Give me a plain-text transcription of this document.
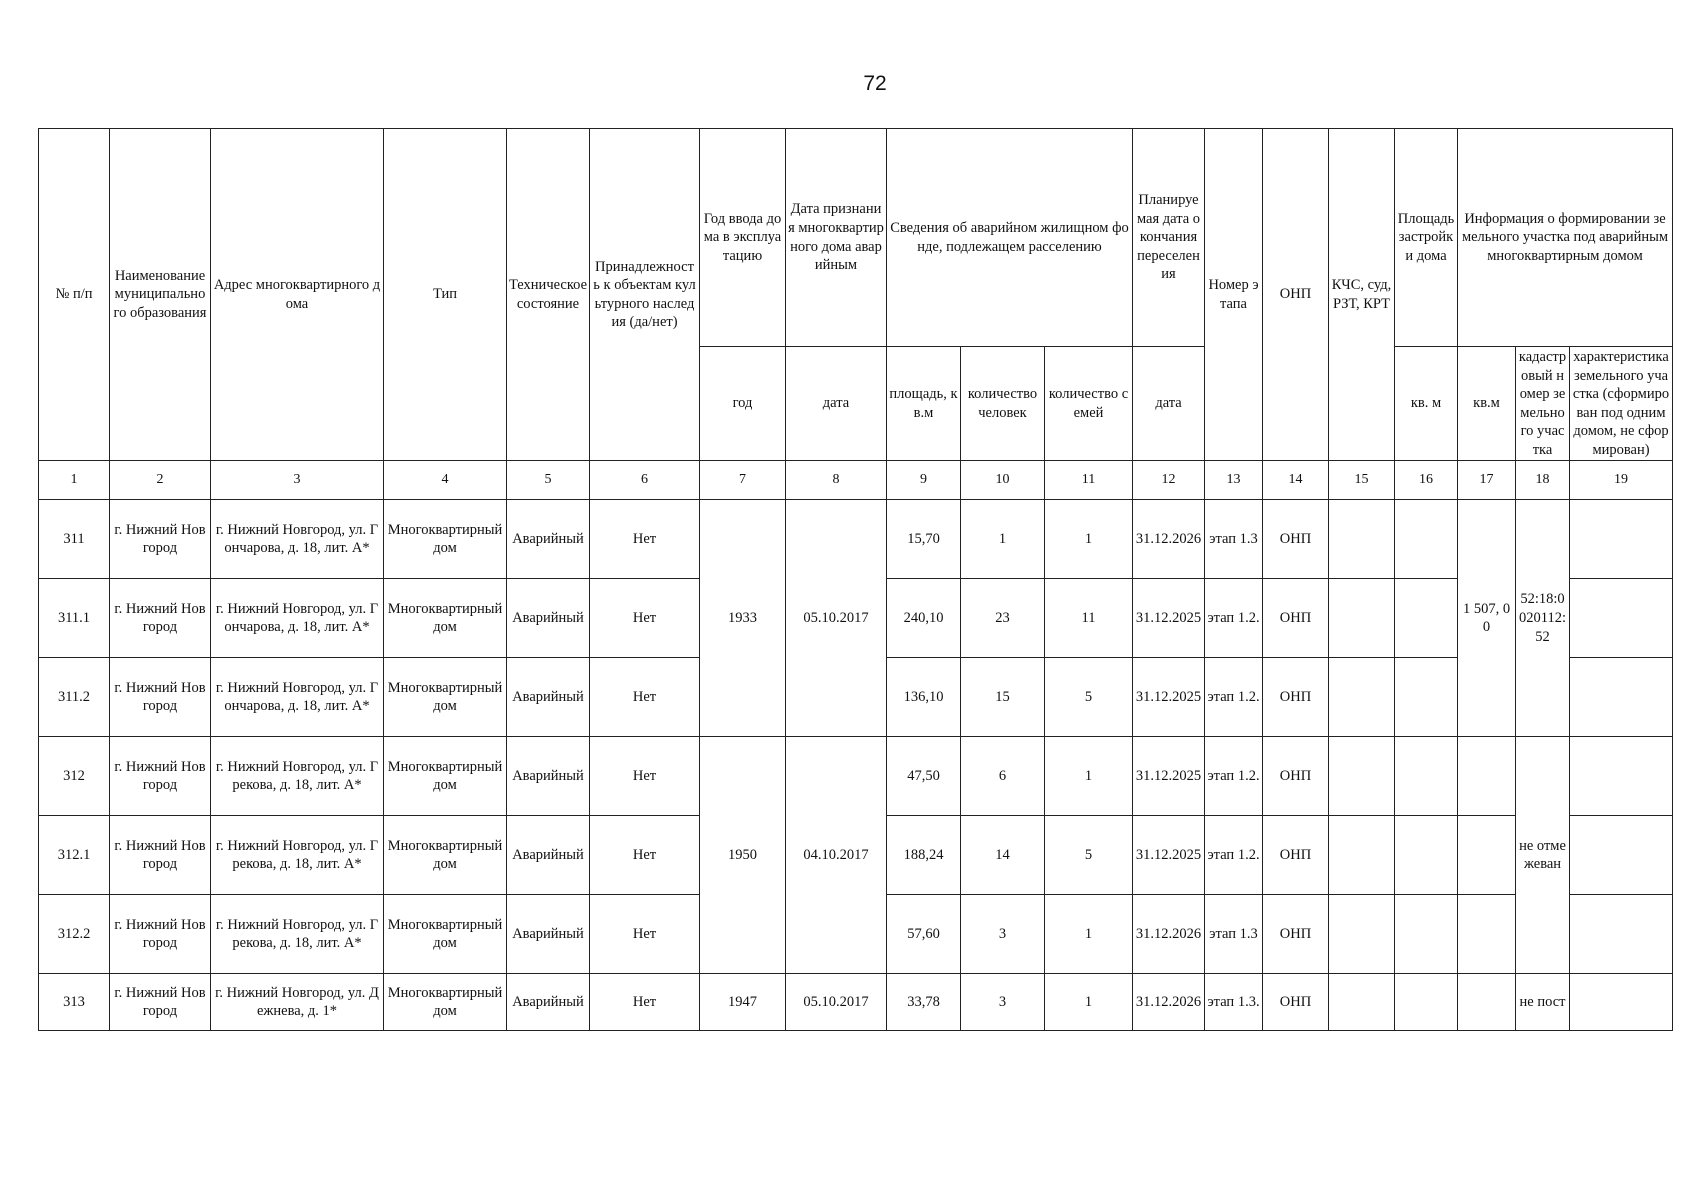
72
№ п/п	Наименование муниципального образования	Адрес многоквартирного дома	Тип	Техническое состояние	Принадлежность к объектам культурного наследия (да/нет)	Год ввода дома в эксплуатацию	Дата признания многоквартирного дома аварийным	Сведения об аварийном жилищном фонде, подлежащем расселению			Планируемая дата окончания переселения	Номер этапа	ОНП	КЧС, суд, РЗТ, КРТ	Площадь застройки дома	Информация о формировании земельного участка под аварийным многоквартирным домом		
						год	дата	площадь, кв.м	количество человек	количество семей	дата				кв. м	кв.м	кадастровый номер земельного участка	характеристика земельного участка (сформирован под одним домом, не сформирован)
1	2	3	4	5	6	7	8	9	10	11	12	13	14	15	16	17	18	19
311	г. Нижний Новгород	г. Нижний Новгород, ул. Гончарова, д. 18, лит. А*	Многоквартирный дом	Аварийный	Нет	1933	05.10.2017	15,70	1	1	31.12.2026	этап 1.3	ОНП			1 507, 00	52:18:0020112:52	
311.1	г. Нижний Новгород	г. Нижний Новгород, ул. Гончарова, д. 18, лит. А*	Многоквартирный дом	Аварийный	Нет			240,10	23	11	31.12.2025	этап 1.2.	ОНП					
311.2	г. Нижний Новгород	г. Нижний Новгород, ул. Гончарова, д. 18, лит. А*	Многоквартирный дом	Аварийный	Нет			136,10	15	5	31.12.2025	этап 1.2.	ОНП					
312	г. Нижний Новгород	г. Нижний Новгород, ул. Грекова, д. 18, лит. А*	Многоквартирный дом	Аварийный	Нет	1950	04.10.2017	47,50	6	1	31.12.2025	этап 1.2.	ОНП				не отмежеван	
312.1	г. Нижний Новгород	г. Нижний Новгород, ул. Грекова, д. 18, лит. А*	Многоквартирный дом	Аварийный	Нет			188,24	14	5	31.12.2025	этап 1.2.	ОНП					
312.2	г. Нижний Новгород	г. Нижний Новгород, ул. Грекова, д. 18, лит. А*	Многоквартирный дом	Аварийный	Нет			57,60	3	1	31.12.2026	этап 1.3	ОНП					
313	г. Нижний Новгород	г. Нижний Новгород, ул. Дежнева, д. 1*	Многоквартирный дом	Аварийный	Нет	1947	05.10.2017	33,78	3	1	31.12.2026	этап 1.3.	ОНП				не пост	
